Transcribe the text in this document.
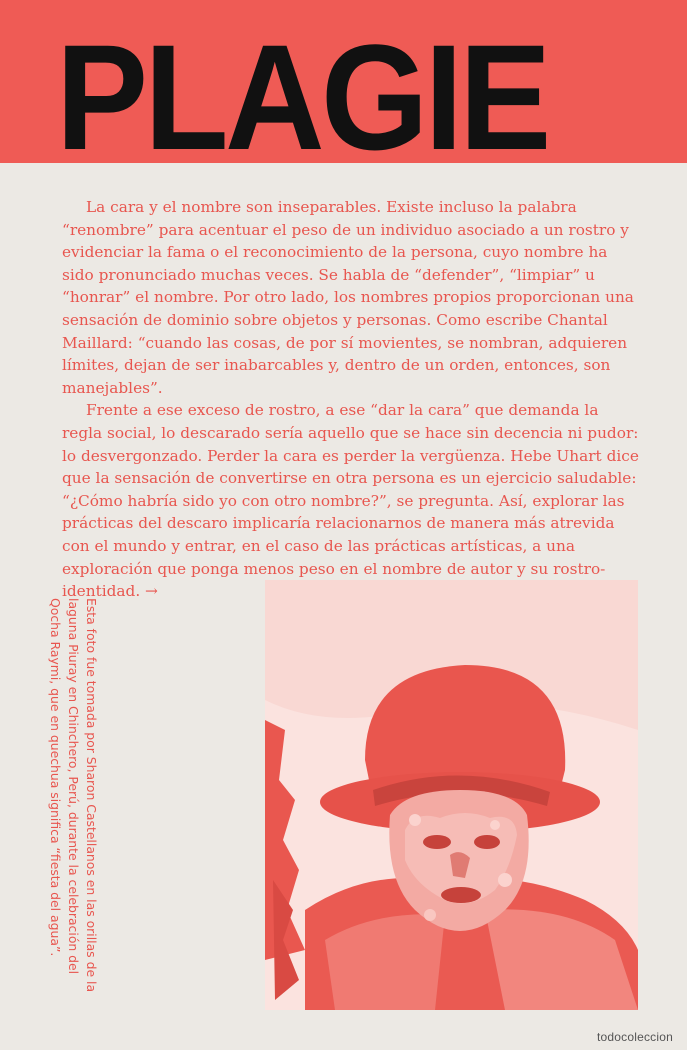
PLAGIE

La cara y el nombre son inseparables. Existe incluso la palabra “renombre” para acentuar el peso de un individuo asociado a un rostro y evidenciar la fama o el reconocimiento de la persona, cuyo nombre ha sido pronunciado muchas veces. Se habla de “defender”, “limpiar” u “honrar” el nombre. Por otro lado, los nombres propios proporcionan una sensación de dominio sobre objetos y personas. Como escribe Chantal Maillard: “cuando las cosas, de por sí movientes, se nombran, adquieren límites, dejan de ser inabarcables y, dentro de un orden, entonces, son manejables”.

Frente a ese exceso de rostro, a ese “dar la cara” que demanda la regla social, lo descarado sería aquello que se hace sin decencia ni pudor: lo desvergonzado. Perder la cara es perder la vergüenza. Hebe Uhart dice que la sensación de convertirse en otra persona es un ejercicio saludable: “¿Cómo habría sido yo con otro nombre?”, se pregunta. Así, explorar las prácticas del descaro implicaría relacionarnos de manera más atrevida con el mundo y entrar, en el caso de las prácticas artísticas, a una exploración que ponga menos peso en el nombre de autor y su rostro-identidad. →

Esta foto fue tomada por Sharon Castellanos en las orillas de la laguna Piuray en Chinchero, Perú, durante la celebración del Qocha Raymi, que en quechua significa “fiesta del agua”.

todocoleccion
